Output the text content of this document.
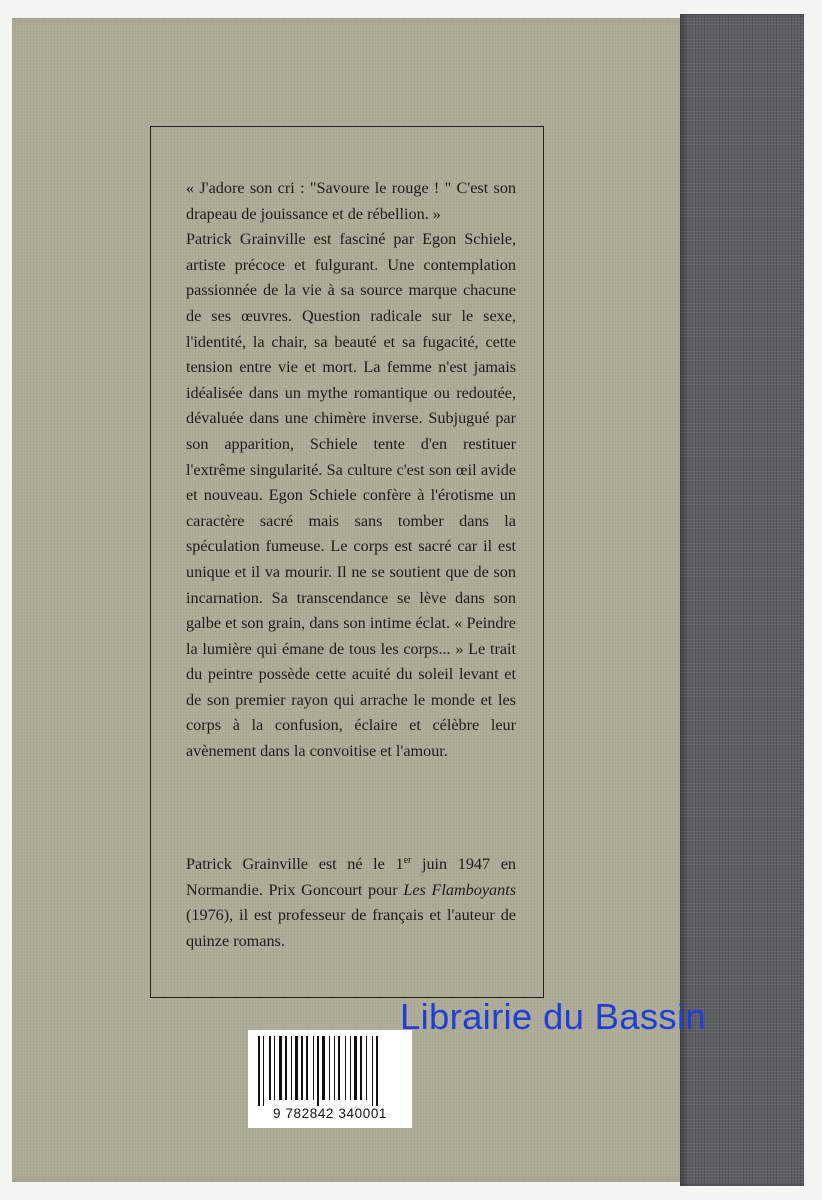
« J'adore son cri : "Savoure le rouge ! " C'est son drapeau de jouissance et de rébellion. »

Patrick Grainville est fasciné par Egon Schiele, artiste précoce et fulgurant. Une contemplation passionnée de la vie à sa source marque chacune de ses œuvres. Question radicale sur le sexe, l'identité, la chair, sa beauté et sa fugacité, cette tension entre vie et mort. La femme n'est jamais idéalisée dans un mythe romantique ou redoutée, dévaluée dans une chimère inverse. Subjugué par son apparition, Schiele tente d'en restituer l'extrême singularité. Sa culture c'est son œil avide et nouveau. Egon Schiele confère à l'érotisme un caractère sacré mais sans tomber dans la spéculation fumeuse. Le corps est sacré car il est unique et il va mourir. Il ne se soutient que de son incarnation. Sa transcendance se lève dans son galbe et son grain, dans son intime éclat. « Peindre la lumière qui émane de tous les corps... » Le trait du peintre possède cette acuité du soleil levant et de son premier rayon qui arrache le monde et les corps à la confusion, éclaire et célèbre leur avènement dans la convoitise et l'amour.

Patrick Grainville est né le 1er juin 1947 en Normandie. Prix Goncourt pour Les Flamboyants (1976), il est professeur de français et l'auteur de quinze romans.

9 782842 340001
Librairie du Bassin
